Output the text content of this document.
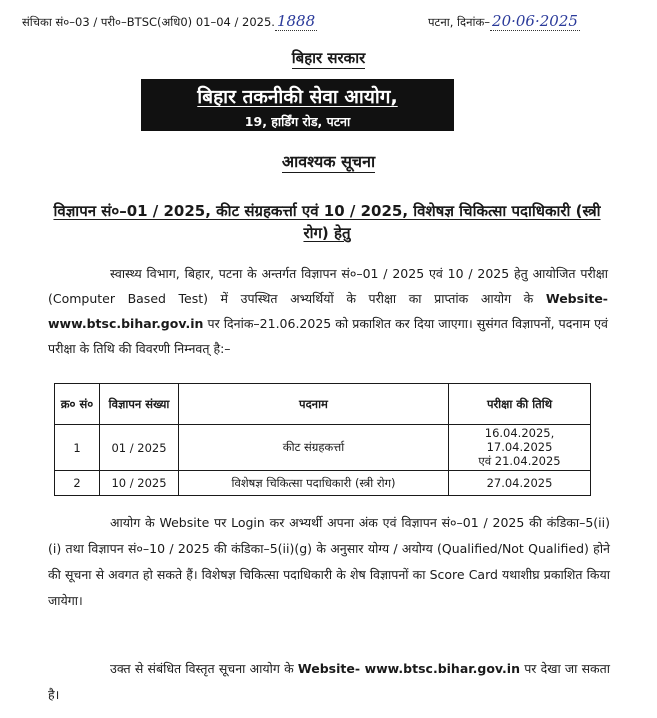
संचिका सं०–03 / परी०–BTSC(अधि0) 01–04 / 2025. 1888	पटना, दिनांक– 20·06·2025
बिहार सरकार
बिहार तकनीकी सेवा आयोग,
19, हार्डिंग रोड, पटना
आवश्यक सूचना
विज्ञापन सं०–01 / 2025, कीट संग्रहकर्त्ता एवं 10 / 2025, विशेषज्ञ चिकित्सा पदाधिकारी (स्त्री रोग) हेतु
स्वास्थ्य विभाग, बिहार, पटना के अन्तर्गत विज्ञापन सं०–01 / 2025 एवं 10 / 2025 हेतु आयोजित परीक्षा (Computer Based Test) में उपस्थित अभ्यर्थियों के परीक्षा का प्राप्तांक आयोग के Website-www.btsc.bihar.gov.in पर दिनांक–21.06.2025 को प्रकाशित कर दिया जाएगा। सुसंगत विज्ञापनों, पदनाम एवं परीक्षा के तिथि की विवरणी निम्नवत् है:–
क्र० सं०	विज्ञापन संख्या	पदनाम	परीक्षा की तिथि
1	01 / 2025	कीट संग्रहकर्त्ता	16.04.2025, 17.04.2025
एवं 21.04.2025

2	10 / 2025	विशेषज्ञ चिकित्सा पदाधिकारी (स्त्री रोग)	27.04.2025
आयोग के Website पर Login कर अभ्यर्थी अपना अंक एवं विज्ञापन सं०–01 / 2025 की कंडिका–5(ii)(i) तथा विज्ञापन सं०–10 / 2025 की कंडिका–5(ii)(g) के अनुसार योग्य / अयोग्य (Qualified/Not Qualified) होने की सूचना से अवगत हो सकते हैं। विशेषज्ञ चिकित्सा पदाधिकारी के शेष विज्ञापनों का Score Card यथाशीघ्र प्रकाशित किया जायेगा।
उक्त से संबंधित विस्तृत सूचना आयोग के Website- www.btsc.bihar.gov.in पर देखा जा सकता है।
